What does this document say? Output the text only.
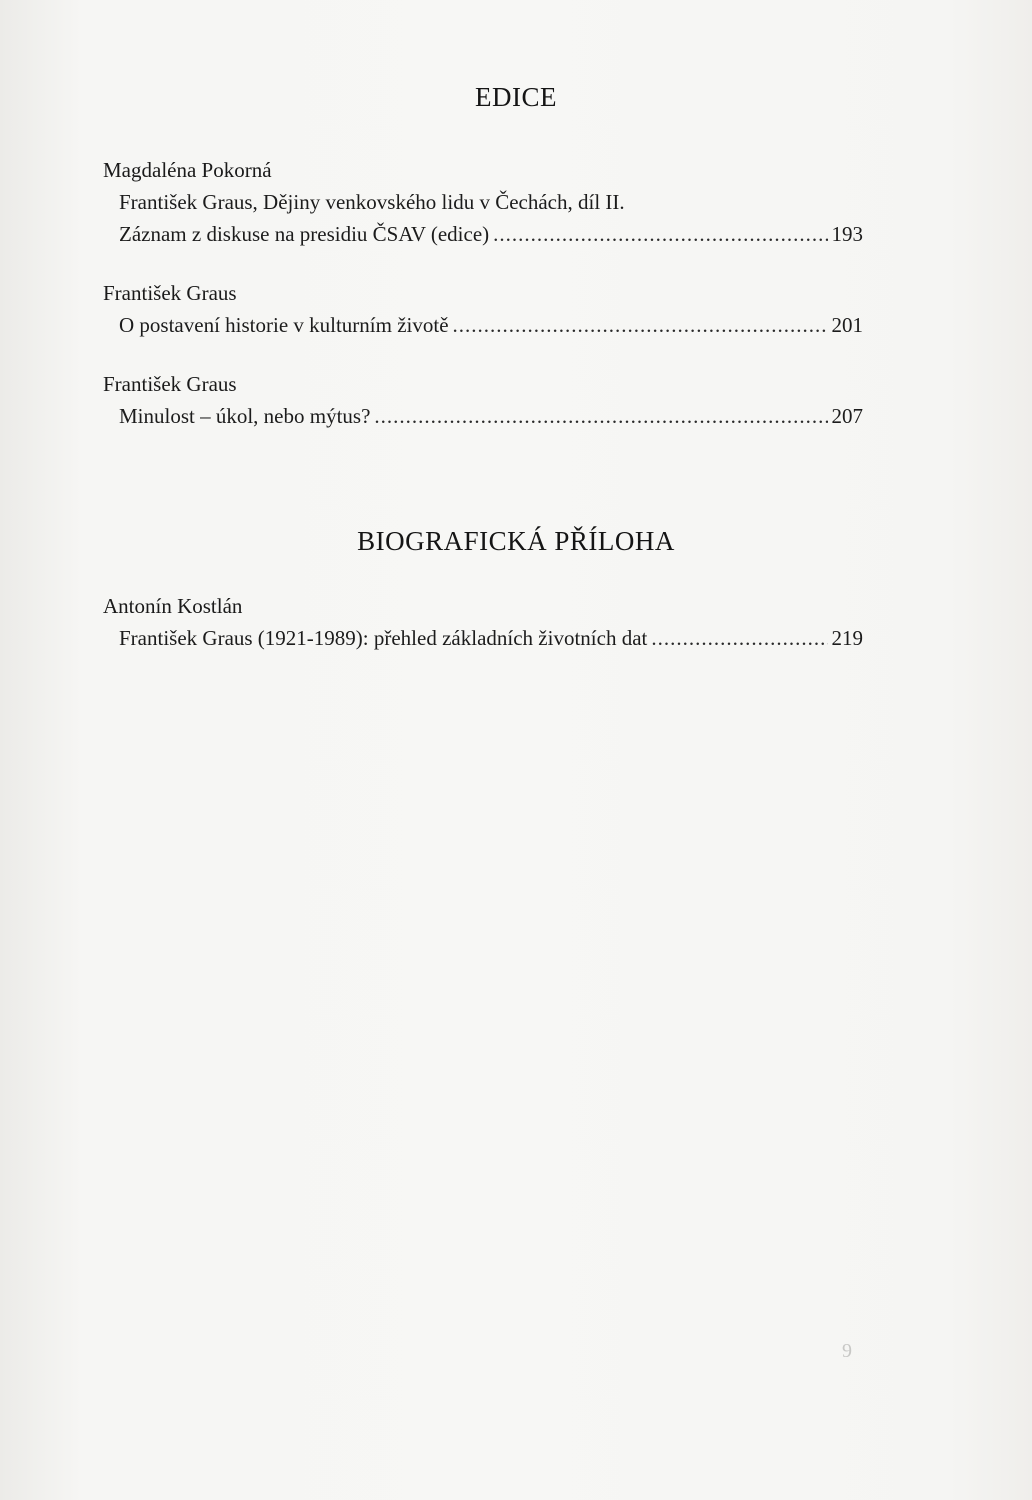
EDICE
Magdaléna Pokorná
František Graus, Dějiny venkovského lidu v Čechách, díl II.
Záznam z diskuse na presidiu ČSAV (edice) .....	193
František Graus
O postavení historie v kulturním životě .....	201
František Graus
Minulost – úkol, nebo mýtus? .....	207
BIOGRAFICKÁ PŘÍLOHA
Antonín Kostlán
František Graus (1921-1989): přehled základních životních dat .....	219
9
